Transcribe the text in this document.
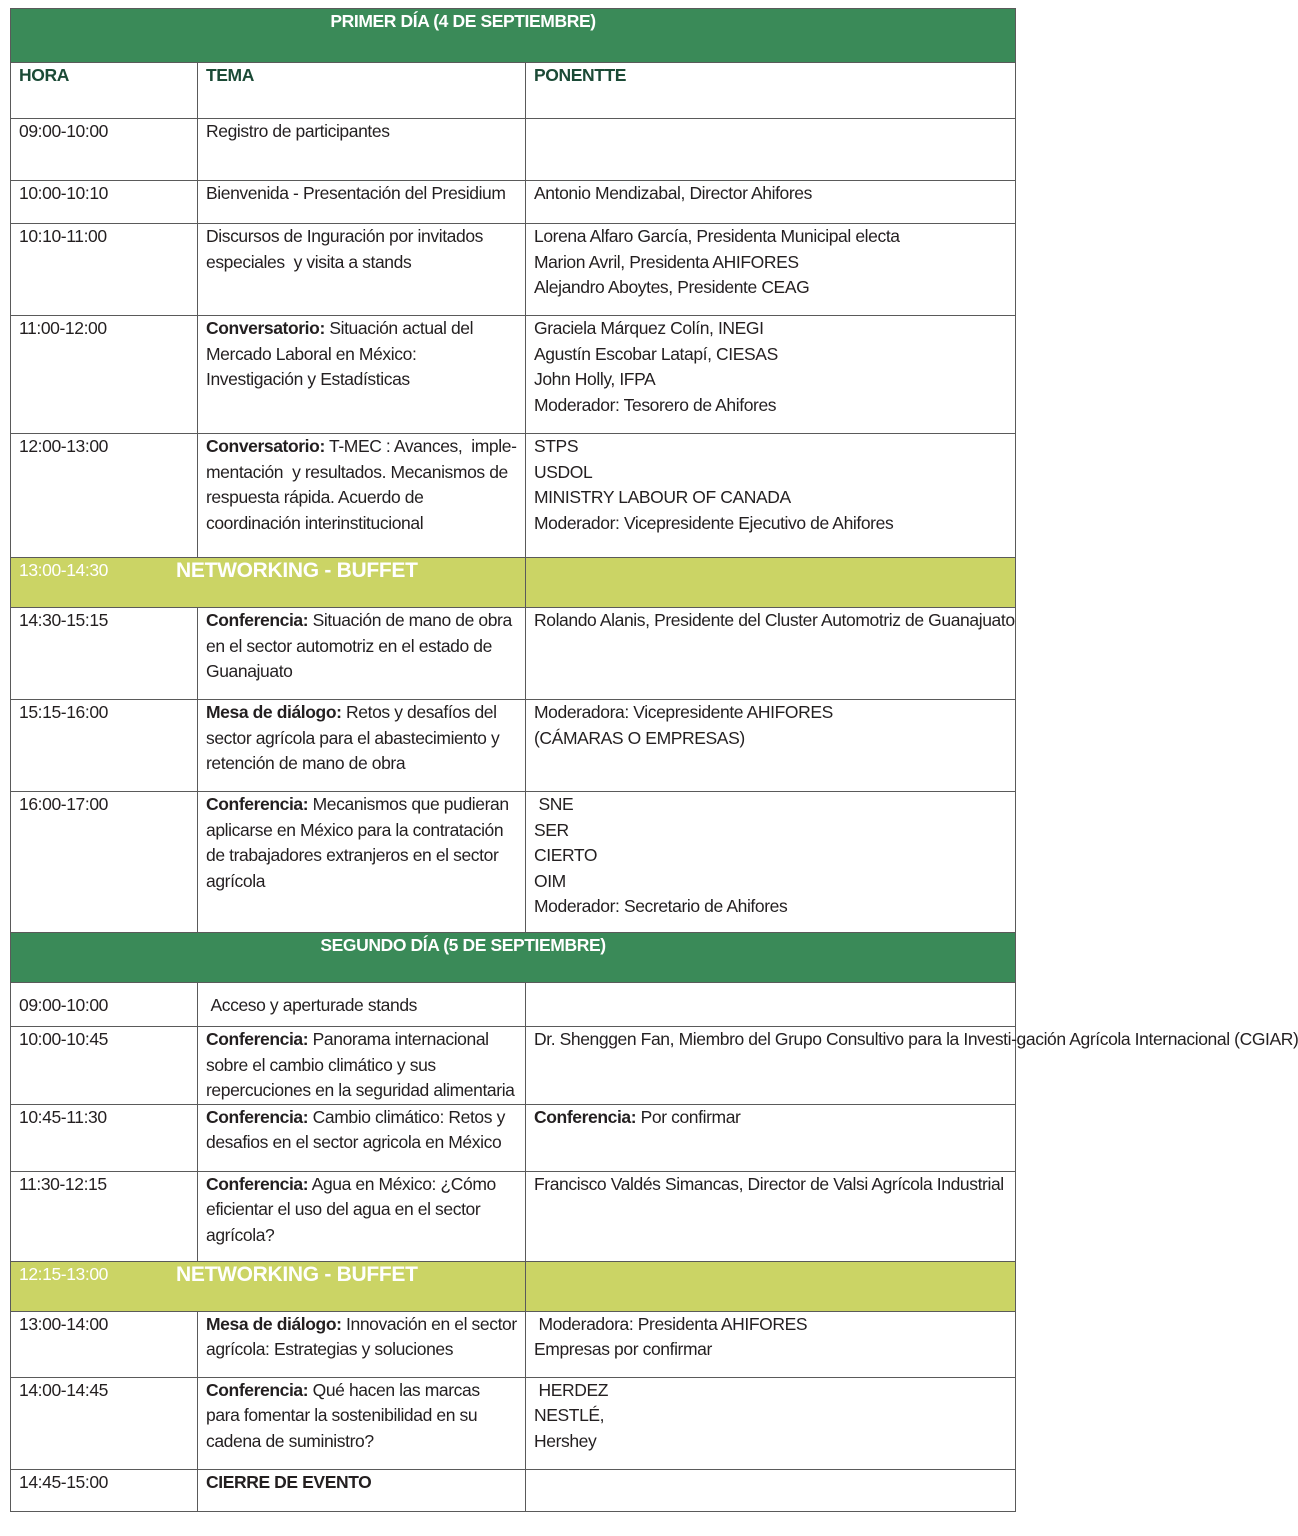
PRIMER DÍA (4 DE SEPTIEMBRE)		
HORA	TEMA	PONENTTE
09:00-10:00	Registro de participantes	
10:00-10:10	Bienvenida - Presentación del Presidium	Antonio Mendizabal, Director Ahifores

10:10-11:00	Discursos de Inguración por invitados especiales  y visita a stands	Lorena Alfaro García, Presidenta Municipal electa
Marion Avril, Presidenta AHIFORES
Alejandro Aboytes, Presidente CEAG

11:00-12:00	Conversatorio: Situación actual del Mercado Laboral en México: Investigación y Estadísticas	Graciela Márquez Colín, INEGI
Agustín Escobar Latapí, CIESAS
John Holly, IFPA
Moderador: Tesorero de Ahifores

12:00-13:00	Conversatorio: T-MEC : Avances,  imple-mentación  y resultados. Mecanismos de respuesta rápida. Acuerdo de coordinación interinstitucional	STPS
USDOL
MINISTRY LABOUR OF CANADA
Moderador: Vicepresidente Ejecutivo de Ahifores

13:00-14:30 NETWORKING - BUFFET		

14:30-15:15	Conferencia: Situación de mano de obra en el sector automotriz en el estado de Guanajuato	Rolando Alanis, Presidente del Cluster Automotriz de Guanajuato

15:15-16:00	Mesa de diálogo: Retos y desafíos del sector agrícola para el abastecimiento y retención de mano de obra	Moderadora: Vicepresidente AHIFORES
(CÁMARAS O EMPRESAS)

16:00-17:00	Conferencia: Mecanismos que pudieran aplicarse en México para la contratación de trabajadores extranjeros en el sector agrícola	SNE
SER
CIERTO
OIM
Moderador: Secretario de Ahifores

SEGUNDO DÍA (5 DE SEPTIEMBRE)		
09:00-10:00	Acceso y aperturade stands	
10:00-10:45	Conferencia: Panorama internacional sobre el cambio climático y sus repercuciones en la seguridad alimentaria	Dr. Shenggen Fan, Miembro del Grupo Consultivo para la Investi-gación Agrícola Internacional (CGIAR)

10:45-11:30	Conferencia: Cambio climático: Retos y desafios en el sector agricola en México	Conferencia: Por confirmar

11:30-12:15	Conferencia: Agua en México: ¿Cómo eficientar el uso del agua en el sector agrícola?	Francisco Valdés Simancas, Director de Valsi Agrícola Industrial

12:15-13:00 NETWORKING - BUFFET		

13:00-14:00	Mesa de diálogo: Innovación en el sector agrícola: Estrategias y soluciones	Moderadora: Presidenta AHIFORES
Empresas por confirmar

14:00-14:45	Conferencia: Qué hacen las marcas para fomentar la sostenibilidad en su cadena de suministro?	HERDEZ
NESTLÉ,
Hershey

14:45-15:00	CIERRE DE EVENTO	
